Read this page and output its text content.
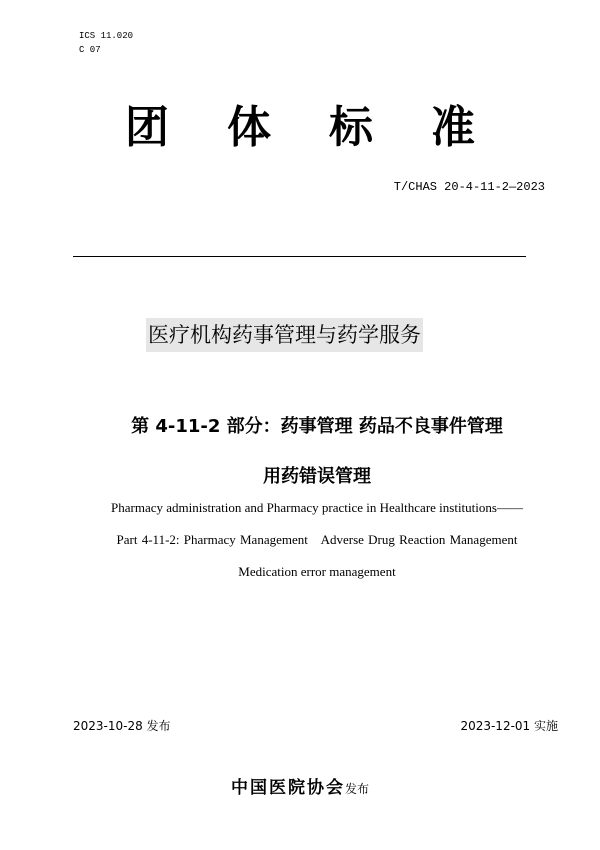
ICS 11.020
C 07
团体标准
T/CHAS 20-4-11-2—2023
医疗机构药事管理与药学服务
第 4-11-2 部分：药事管理 药品不良事件管理
用药错误管理
Pharmacy administration and Pharmacy practice in Healthcare institutions——
Part 4-11-2: Pharmacy Management   Adverse Drug Reaction Management
Medication error management
2023-10-28 发布	2023-12-01 实施
中国医院协会发布
